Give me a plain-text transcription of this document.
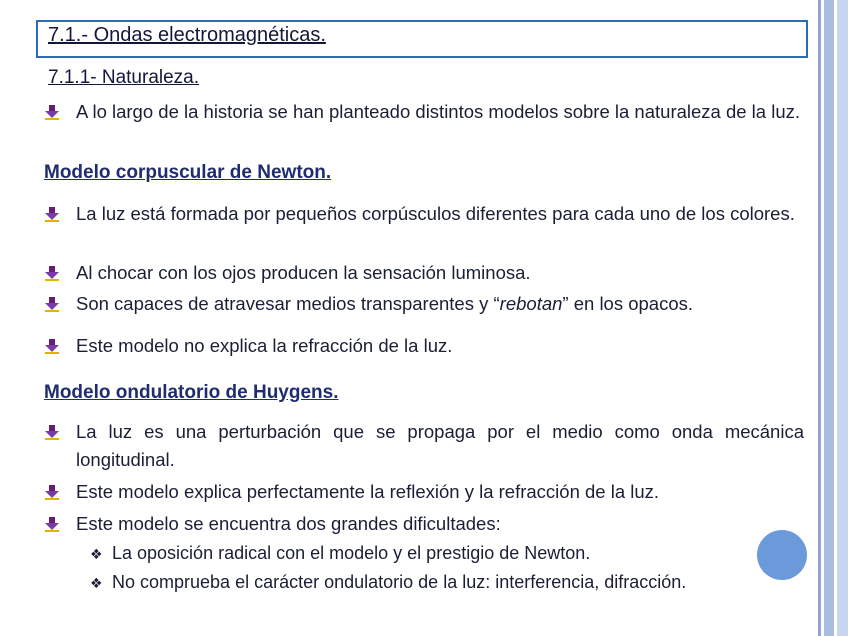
7.1.- Ondas electromagnéticas.
7.1.1- Naturaleza.
A lo largo de la historia se han planteado distintos modelos sobre la naturaleza de la luz.
Modelo corpuscular de Newton.
La luz está formada por pequeños corpúsculos diferentes para cada uno de los colores.
Al chocar con los ojos producen la sensación luminosa.
Son capaces de atravesar medios transparentes y “rebotan” en los opacos.
Este modelo no explica la refracción de la luz.
Modelo ondulatorio de Huygens.
La luz es una perturbación que se propaga por el medio como onda mecánica longitudinal.
Este modelo explica perfectamente la reflexión y la refracción de la luz.
Este modelo se encuentra dos grandes dificultades:
❖ La oposición radical con el modelo y el prestigio de Newton.
❖ No comprueba el carácter ondulatorio de la luz: interferencia, difracción.
